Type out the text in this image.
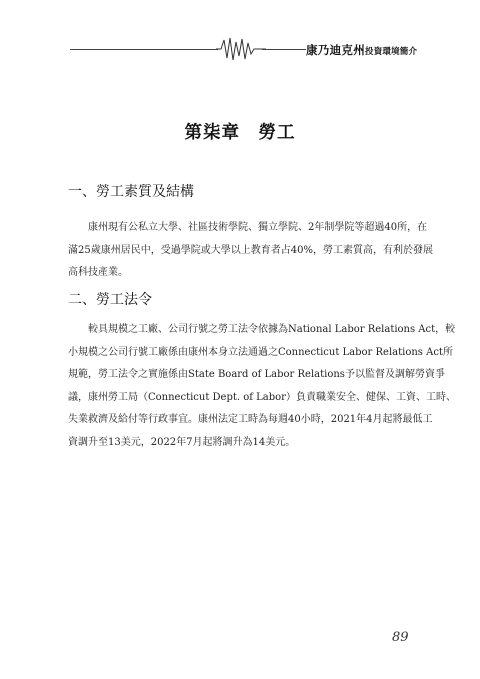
康乃迪克州投資環境簡介
第柒章　勞工
一、勞工素質及結構
　　康州現有公私立大學、社區技術學院、獨立學院、2年制學院等超過40所，在
滿25歲康州居民中，受過學院或大學以上教育者占40%，勞工素質高，有利於發展
高科技產業。
二、勞工法令
　　較具規模之工廠、公司行號之勞工法令依據為National Labor Relations Act，較
小規模之公司行號工廠係由康州本身立法通過之Connecticut Labor Relations Act所
規範，勞工法令之實施係由State Board of Labor Relations予以監督及調解勞資爭
議，康州勞工局（Connecticut Dept. of Labor）負責職業安全、健保、工資、工時、
失業救濟及給付等行政事宜。康州法定工時為每週40小時，2021年4月起將最低工
資調升至13美元，2022年7月起將調升為14美元。
89
